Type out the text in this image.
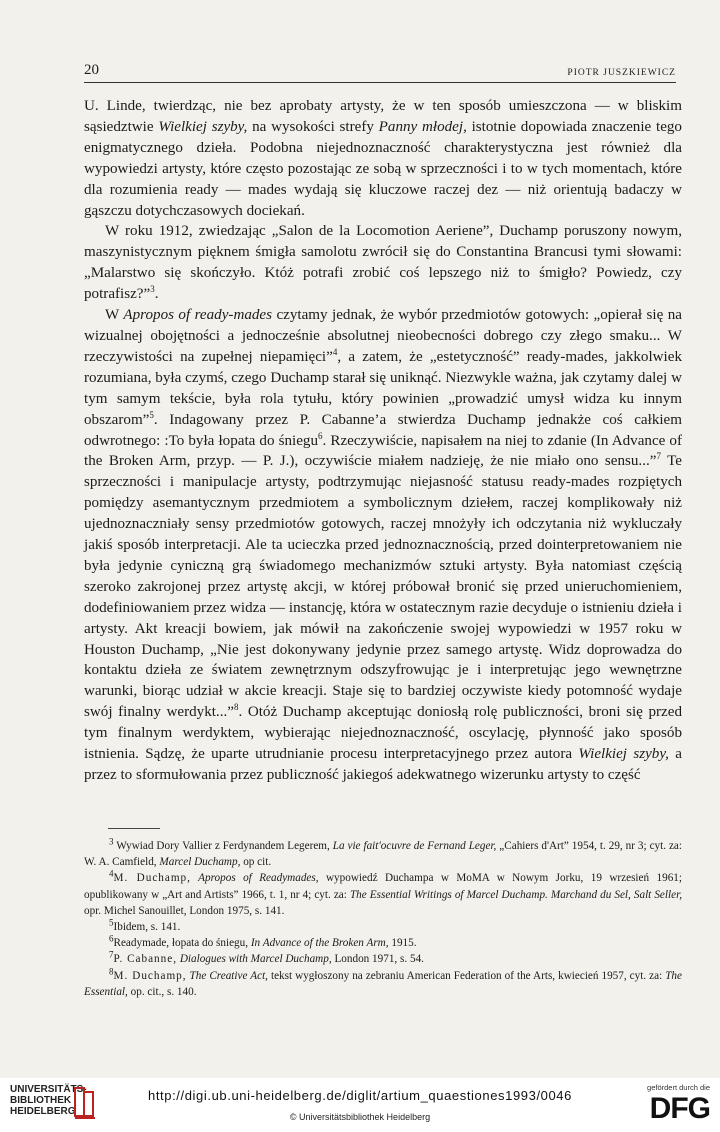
20	PIOTR JUSZKIEWICZ

U. Linde, twierdząc, nie bez aprobaty artysty, że w ten sposób umieszczona — w bliskim sąsiedztwie Wielkiej szyby, na wysokości strefy Panny młodej, istotnie dopowiada znaczenie tego enigmatycznego dzieła. Podobna niejednoznaczność charakterystyczna jest również dla wypowiedzi artysty, które często pozostając ze sobą w sprzeczności i to w tych momentach, które dla rozumienia ready — mades wydają się kluczowe raczej dez — niż orientują badaczy w gąszczu dotychczasowych dociekań.

W roku 1912, zwiedzając „Salon de la Locomotion Aeriene”, Duchamp poruszony nowym, maszynistycznym pięknem śmigła samolotu zwrócił się do Constantina Brancusi tymi słowami: „Malarstwo się skończyło. Któż potrafi zrobić coś lepszego niż to śmigło? Powiedz, czy potrafisz?”$^3$.

W Apropos of ready-mades czytamy jednak, że wybór przedmiotów gotowych: „opierał się na wizualnej obojętności a jednocześnie absolutnej nieobecności dobrego czy złego smaku... W rzeczywistości na zupełnej niepamięci”$^4$, a zatem, że „estetyczność” ready-mades, jakkolwiek rozumiana, była czymś, czego Duchamp starał się uniknąć. Niezwykle ważna, jak czytamy dalej w tym samym tekście, była rola tytułu, który powinien „prowadzić umysł widza ku innym obszarom”$^5$. Indagowany przez P. Cabanne’a stwierdza Duchamp jednakże coś całkiem odwrotnego: :To była łopata do śniegu$^6$. Rzeczywiście, napisałem na niej to zdanie (In Advance of the Broken Arm, przyp. — P. J.), oczywiście miałem nadzieję, że nie miało ono sensu...”$^7$ Te sprzeczności i manipulacje artysty, podtrzymując niejasność statusu ready-mades rozpiętych pomiędzy asemantycznym przedmiotem a symbolicznym dziełem, raczej komplikowały niż ujednoznaczniały sensy przedmiotów gotowych, raczej mnożyły ich odczytania niż wykluczały jakiś sposób interpretacji. Ale ta ucieczka przed jednoznacznością, przed dointerpretowaniem nie była jedynie cyniczną grą świadomego mechanizmów sztuki artysty. Była natomiast częścią szeroko zakrojonej przez artystę akcji, w której próbował bronić się przed unieruchomieniem, dodefiniowaniem przez widza — instancję, która w ostatecznym razie decyduje o istnieniu dzieła i artysty. Akt kreacji bowiem, jak mówił na zakończenie swojej wypowiedzi w 1957 roku w Houston Duchamp, „Nie jest dokonywany jedynie przez samego artystę. Widz doprowadza do kontaktu dzieła ze światem zewnętrznym odszyfrowując je i interpretując jego wewnętrzne warunki, biorąc udział w akcie kreacji. Staje się to bardziej oczywiste kiedy potomność wydaje swój finalny werdykt...”$^8$. Otóż Duchamp akceptując doniosłą rolę publiczności, broni się przed tym finalnym werdyktem, wybierając niejednoznaczność, oscylację, płynność jako sposób istnienia. Sądzę, że uparte utrudnianie procesu interpretacyjnego przez autora Wielkiej szyby, a przez to sformułowania przez publiczność jakiegoś adekwatnego wizerunku artysty to część

$^3$ Wywiad Dory Vallier z Ferdynandem Legerem, La vie fait'ocuvre de Fernand Leger, „Cahiers d'Art” 1954, t. 29, nr 3; cyt. za: W. A. Camfield, Marcel Duchamp, op cit.

$^4$M. Duchamp, Apropos of Readymades, wypowiedź Duchampa w MoMA w Nowym Jorku, 19 wrzesień 1961; opublikowany w „Art and Artists” 1966, t. 1, nr 4; cyt. za: The Essential Writings of Marcel Duchamp. Marchand du Sel, Salt Seller, opr. Michel Sanouillet, London 1975, s. 141.

$^5$Ibidem, s. 141.

$^6$Readymade, łopata do śniegu, In Advance of the Broken Arm, 1915.

$^7$P. Cabanne, Dialogues with Marcel Duchamp, London 1971, s. 54.

$^8$M. Duchamp, The Creative Act, tekst wygłoszony na zebraniu American Federation of the Arts, kwiecień 1957, cyt. za: The Essential, op. cit., s. 140.

UNIVERSITÄTS-
BIBLIOTHEK
HEIDELBERG
http://digi.ub.uni-heidelberg.de/diglit/artium_quaestiones1993/0046
© Universitätsbibliothek Heidelberg
gefördert durch die
DFG
